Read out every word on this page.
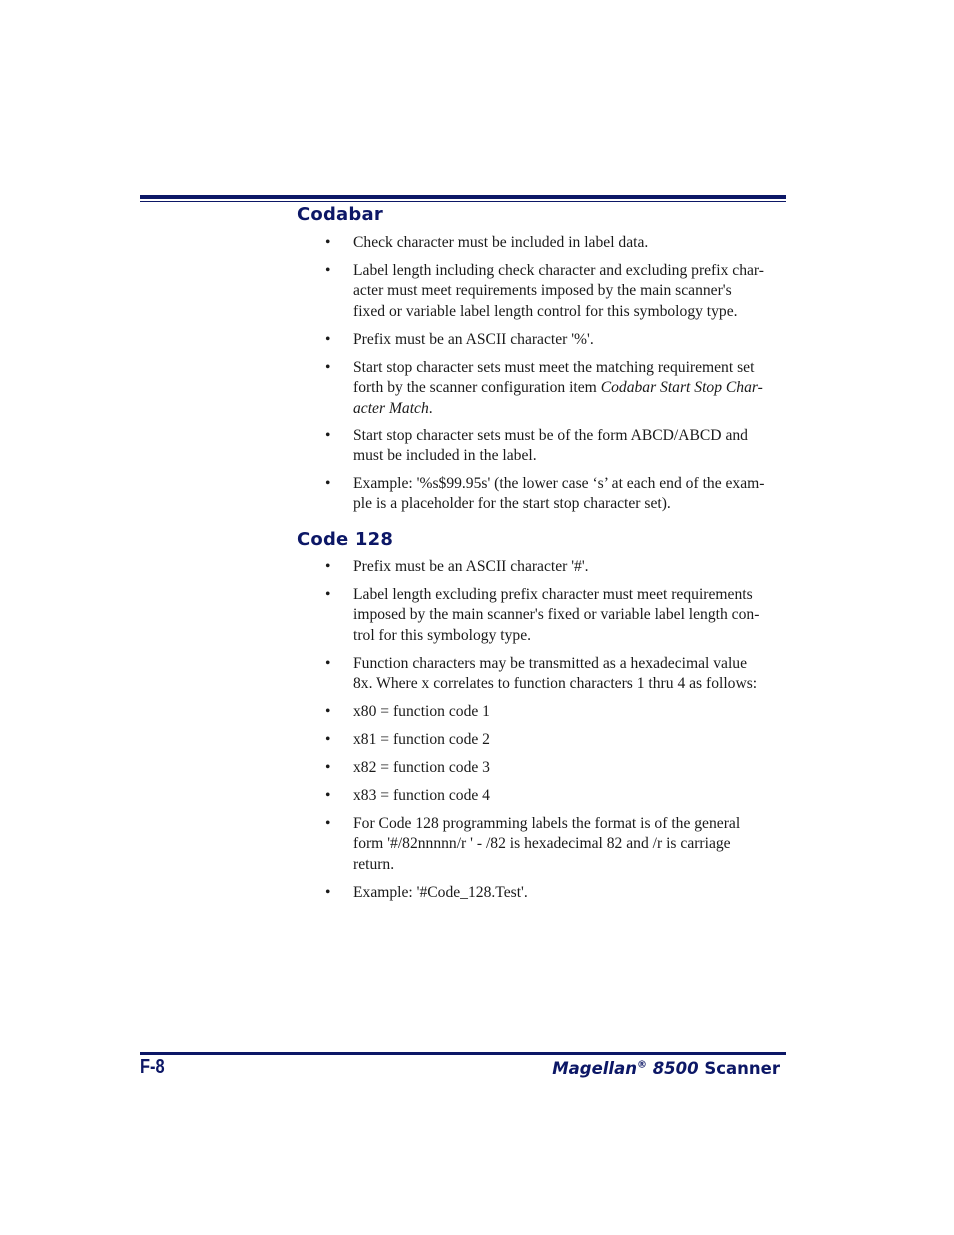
Codabar
• Check character must be included in label data.
• Label length including check character and excluding prefix char-
acter must meet requirements imposed by the main scanner's
fixed or variable label length control for this symbology type.
• Prefix must be an ASCII character '%'.
• Start stop character sets must meet the matching requirement set
forth by the scanner configuration item Codabar Start Stop Char-
acter Match.
• Start stop character sets must be of the form ABCD/ABCD and
must be included in the label.
• Example: '%s$99.95s' (the lower case ‘s’ at each end of the exam-
ple is a placeholder for the start stop character set).
Code 128
• Prefix must be an ASCII character '#'.
• Label length excluding prefix character must meet requirements
imposed by the main scanner's fixed or variable label length con-
trol for this symbology type.
• Function characters may be transmitted as a hexadecimal value
8x. Where x correlates to function characters 1 thru 4 as follows:
• x80 = function code 1
• x81 = function code 2
• x82 = function code 3
• x83 = function code 4
• For Code 128 programming labels the format is of the general
form '#/82nnnnn/r ' - /82 is hexadecimal 82 and /r is carriage
return.
• Example: '#Code_128.Test'.
F-8	Magellan® 8500 Scanner
